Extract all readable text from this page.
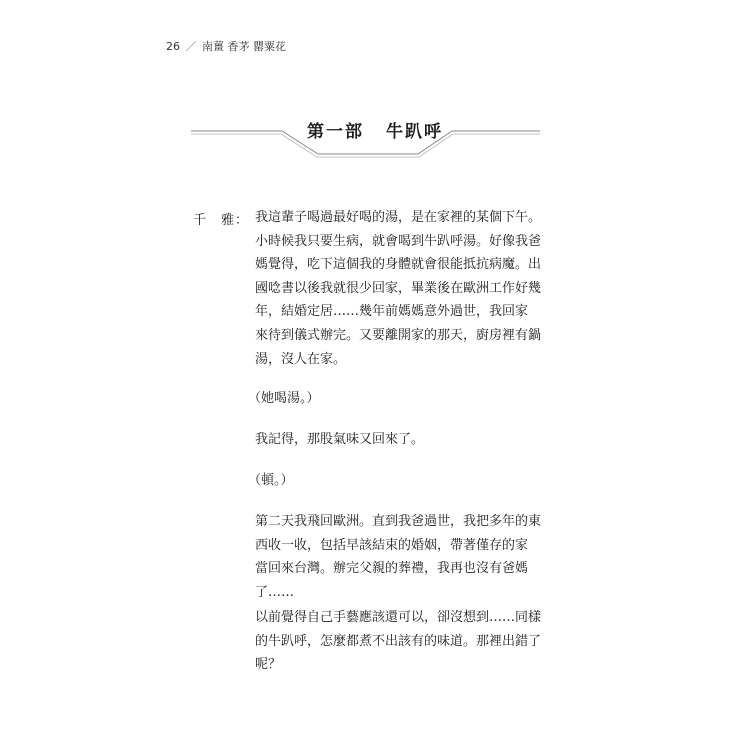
26 ／ 南薑 香茅 罌粟花
第一部 牛趴呼
千 雅： 我這輩子喝過最好喝的湯，是在家裡的某個下午。
小時候我只要生病，就會喝到牛趴呼湯。好像我爸
媽覺得，吃下這個我的身體就會很能抵抗病魔。出
國唸書以後我就很少回家，畢業後在歐洲工作好幾
年，結婚定居……幾年前媽媽意外過世，我回家
來待到儀式辦完。又要離開家的那天，廚房裡有鍋
湯，沒人在家。
（她喝湯。）
我記得，那股氣味又回來了。
（頓。）
第二天我飛回歐洲。直到我爸過世，我把多年的東
西收一收，包括早該結束的婚姻，帶著僅存的家
當回來台灣。辦完父親的葬禮，我再也沒有爸媽
了……
以前覺得自己手藝應該還可以，卻沒想到……同樣
的牛趴呼，怎麼都煮不出該有的味道。那裡出錯了
呢？
